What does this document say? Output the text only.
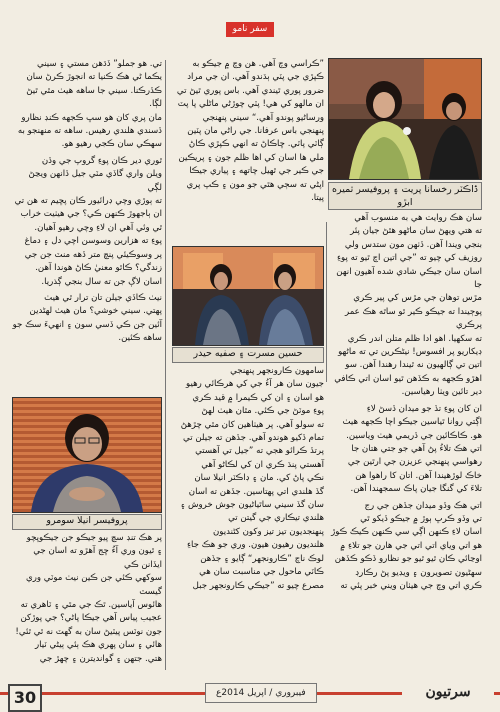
سفر نامو
ڈاڪٽر رخسانا پريت ۽ پروفيسر ثميره ابڙو
حسين مسرت ۽ صفيه حيدر
پروفيسر انيلا سومرو
سان هڪ روايت هي به منسوب آهي
ته هتي ويهڻ سان ماڻهو هٿڻ جيان پئر
بنجي ويندا آهن. ڏٺهن مون ستدس ولي
روزيف کي چيو ته ”جي اتين اچ ٿيو ته پوءِ
اسان سان جيڪي شادي شده آهيون انهن جا
مڙس توهان جي مڙس کي پير ڪري
پوڄيندا ته جيڪو ڪير ٿو ساٿه هڪ عمر پرڪري
ته سکهيا. اهو ادا ظلم متلن اندر ڪري
ڊيکاريو پر افسوس! نيڻڪرين تي ته ماڻهو
اتين تي ڳالهيون نه ٿيندا رهندا آهن. سو
اهڙو ڪجهه به ڪڏهن ٿيو اسان اتي ڪافي
دير تائين ويٺا رهياسين.
ان کان پوءِ تڏ جو ميدان ڏسڻ لاءِ
اڳتي روانا ٿياسين جيڪو اچا ڪجهه هيٺ
هو. ڪاڪائين جي ڏريمي هيٺ وياسين.
اتي هڪ تلاءُ پڻ آهي جو جتي هتان جا
رهواسي پنهنجي عزيزن جي ارٿين جي
خاڪ لوڙهيندا آهن. اتان کا راهوا هن
تلاءَ کي گنگا جيان پاڪ سمجهندا آهن.
اتي هڪ وڏو ميدان جڏهن جي رج
تي وڏو ڪرڀ ٻوڙ ۾ جيڪو ڏيکو ٿي
اسان لاءِ ڪنهن اڳي سي ڪنهن ڪيڪ ڪوڙ
هو اتي وياي اتي اتي جي هارن جو تلاءِ ۾
اوڃائي ڪان ٿيو ٿيو جو نظارو ڏڪو ڪڏهن
سهڻيون تصويرون ۽ ويڊيو پڻ رڪارڊ
ڪري اتي وچ جي هيٺان ويني خبر پئي ته
”ڪراسي وچ آهي. هن وچ ۾ جيڪو به
ڪپڙي جي پٽي ٻڌندو آهي. ان جي مراد
ضرور پوري ٿيندي آهي. باس پوري ٿيڻ تي
ان مالهو کي هي! پٽي چوڙڻي ماڻلي پا پٽ
ورساڻيو پوندو آهي.“ سيني پنهنجي
پنهنجي باس عرفانا. جي راڻي مان پٽين
ڳاٽي پاٽي. ڇاڪاڻ ته انهي ڪپڙي ڪاڻ
ملي ها اسان کي اها ظلم جون ۽ پريڪين
جي ڪير جي ٿهيل چاتهه ۽ پياري جيڪا
اپڻي ته سڄي هٿي جو مون ۽ ڪپ پري
پيتا.
سامهون ڪارونجهر پنهنجي
جيون سان هر آءُ جي کي هرڪائي رهيو
هو اسان ۽ ان کي ڪيمرا ۾ قيد ڪري
پوءِ موٽڻ جي ڪئي. مٿان هيٺ لهڻ
ته سولو آهي. پر هيٺاهين کان مٿي چڙهڻ
تمام ڏکيو هوندو آهي. جڏهن ته جيلن تي
پرتڏ ڪرائو هجي ته ”جيل تي آهستي
آهستي پنڌ ڪري ان کي لڪاڻو آهي
نڪي پاڻ کي. مان ۽ ڊاڪٽر انيلا سان
گڏ هلندي اتي پهتاسين. جڏهن ته اسان
سان گڏ سيني ساٿياڻيون جوش خروش ۽
هلندي تيڪاري جي گيتن تي
پنهنجديون تيز تيز وکون کڻنديون
هلنديون رهيون هيون. وري جو هڪ جاءِ
لوڪ ناچ ”ڪارونجهر“ ڳايو ۽ جڏهن
ڪاٽي ماحول جي مناسبت سان هي
مصرع چيو ته ”جيڪي ڪارونجهر جبل
تي. هو جملو” ڏڌهن مستي ۽ سيني
يڪما ڻي هڪ ڪنيا ته انجوڙ ڪرڻ سان
ڪڏرڪنا. سيني جا ساهه هيٺ مٿي ٿيڻ لڳا.
مان پري کان هو سڀ ڪجهه ڪنڊ نظارو
ڏسندي هلندي رهيس. ساهه ته منهنجو به
سهڪي سان ڪجي رهيو هو.
ٿوري دير ڪان پوءِ گروپ جي وڏن
ويلن واري گاڏي مٽي جيل ڏانهن ويڃڻ لڳي
ته ٻوڙي وچي ڊرائيور ڪان پڇيم ته هن تي
ان ٻاجهوڙ ڪنهن ڪي؟ جي هيٺيت خراب
ٿي وئي آهي ان لاءِ وچي رهيو آهيان.
پوءِ ته هزارين وسوسن اچي دل ۽ دماغ
پر وسوڪيئي پنچ متر ڏهه منٽ جن جي
زندگي؟ ڪاٿو معنيٰ ڪاڻ هوندا آهن.
اسان لاڳ جن ته سال بنجي ڳذريا.
نيٺ ڪاڏي جيلن تان ترار ٿي هيٺ
پهتي. سيني خوشي؟ مان هيٺ لهڻدين
آئين جن ڪي ڏسي سون ۽ انهيءَ سڪ جو
ساهه ڪئين.
پر هڪ تنڊ سچ پيو جيڪو جن جيڪوپچو
۽ ٿيون وري آءُ ڇج آهڙو ته اسان جي ايڏانن ڪي
سوکهي ڪئي جن ڪين نيٺ موٽي وري گيسٽ
هائوس آياسين. ٿڪ جي مٿي ۽ ٽاهري ته
عجيب پياس آهي جيڪا پاڻي؟ جي پوڙکن
جون نوٽس پيٽيڻ سان به گهٽ نه ٿي ٿئي!
هائي ۽ سان پهري هڪ ٻئي ٻيڻي ٽيار
هتي. جتهن ۽ گوانديترن ۽ چهڙ جي
30	فيبروري / اپريل 2014ع	سرتيون
